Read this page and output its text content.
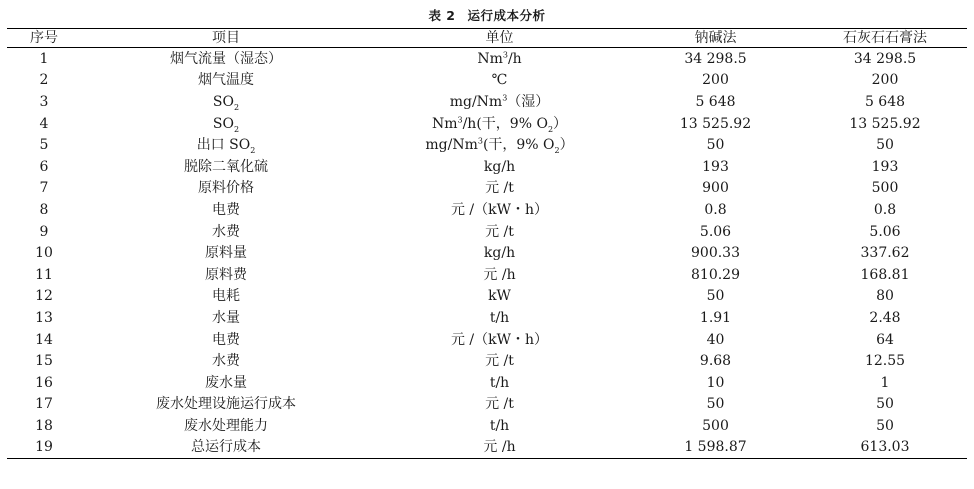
表 2 运行成本分析
序号	项目	单位	钠碱法	石灰石石膏法
1	烟气流量（湿态）	Nm$^3$/h	34 298.5	34 298.5
2	烟气温度	℃	200	200
3	$SO_2$	mg/Nm$^3$（湿）	5 648	5 648
4	$SO_2$	Nm$^3$/h(干，9% $O_2$）	13 525.92	13 525.92
5	出口 $SO_2$	mg/Nm$^3$(干，9% $O_2$）	50	50
6	脱除二氧化硫	kg/h	193	193
7	原料价格	元 /t	900	500
8	电费	元 /（kW・h）	0.8	0.8
9	水费	元 /t	5.06	5.06
10	原料量	kg/h	900.33	337.62
11	原料费	元 /h	810.29	168.81
12	电耗	kW	50	80
13	水量	t/h	1.91	2.48
14	电费	元 /（kW・h）	40	64
15	水费	元 /t	9.68	12.55
16	废水量	t/h	10	1
17	废水处理设施运行成本	元 /t	50	50
18	废水处理能力	t/h	500	50
19	总运行成本	元 /h	1 598.87	613.03
